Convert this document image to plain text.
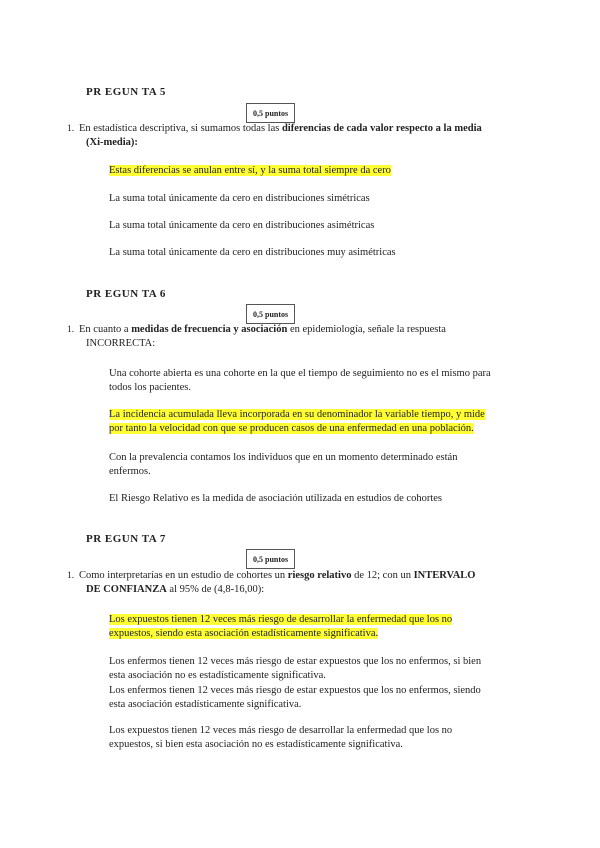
PR EGUN TA 5
0,5 puntos
1. En estadística descriptiva, si sumamos todas las diferencias de cada valor respecto a la media
(Xi-media):
Estas diferencias se anulan entre sí, y la suma total siempre da cero
La suma total únicamente da cero en distribuciones simétricas
La suma total únicamente da cero en distribuciones asimétricas
La suma total únicamente da cero en distribuciones muy asimétricas
PR EGUN TA 6
0,5 puntos
1. En cuanto a medidas de frecuencia y asociación en epidemiología, señale la respuesta
INCORRECTA:
Una cohorte abierta es una cohorte en la que el tiempo de seguimiento no es el mismo para
todos los pacientes.
La incidencia acumulada lleva incorporada en su denominador la variable tiempo, y mide
por tanto la velocidad con que se producen casos de una enfermedad en una población.
Con la prevalencia contamos los individuos que en un momento determinado están
enfermos.
El Riesgo Relativo es la medida de asociación utilizada en estudios de cohortes
PR EGUN TA 7
0,5 puntos
1. Como interpretarías en un estudio de cohortes un riesgo relativo de 12; con un INTERVALO
DE CONFIANZA al 95% de (4,8-16,00):
Los expuestos tienen 12 veces más riesgo de desarrollar la enfermedad que los no
expuestos, siendo esta asociación estadísticamente significativa.
Los enfermos tienen 12 veces más riesgo de estar expuestos que los no enfermos, si bien
esta asociación no es estadísticamente significativa.
Los enfermos tienen 12 veces más riesgo de estar expuestos que los no enfermos, siendo
esta asociación estadísticamente significativa.
Los expuestos tienen 12 veces más riesgo de desarrollar la enfermedad que los no
expuestos, si bien esta asociación no es estadísticamente significativa.
